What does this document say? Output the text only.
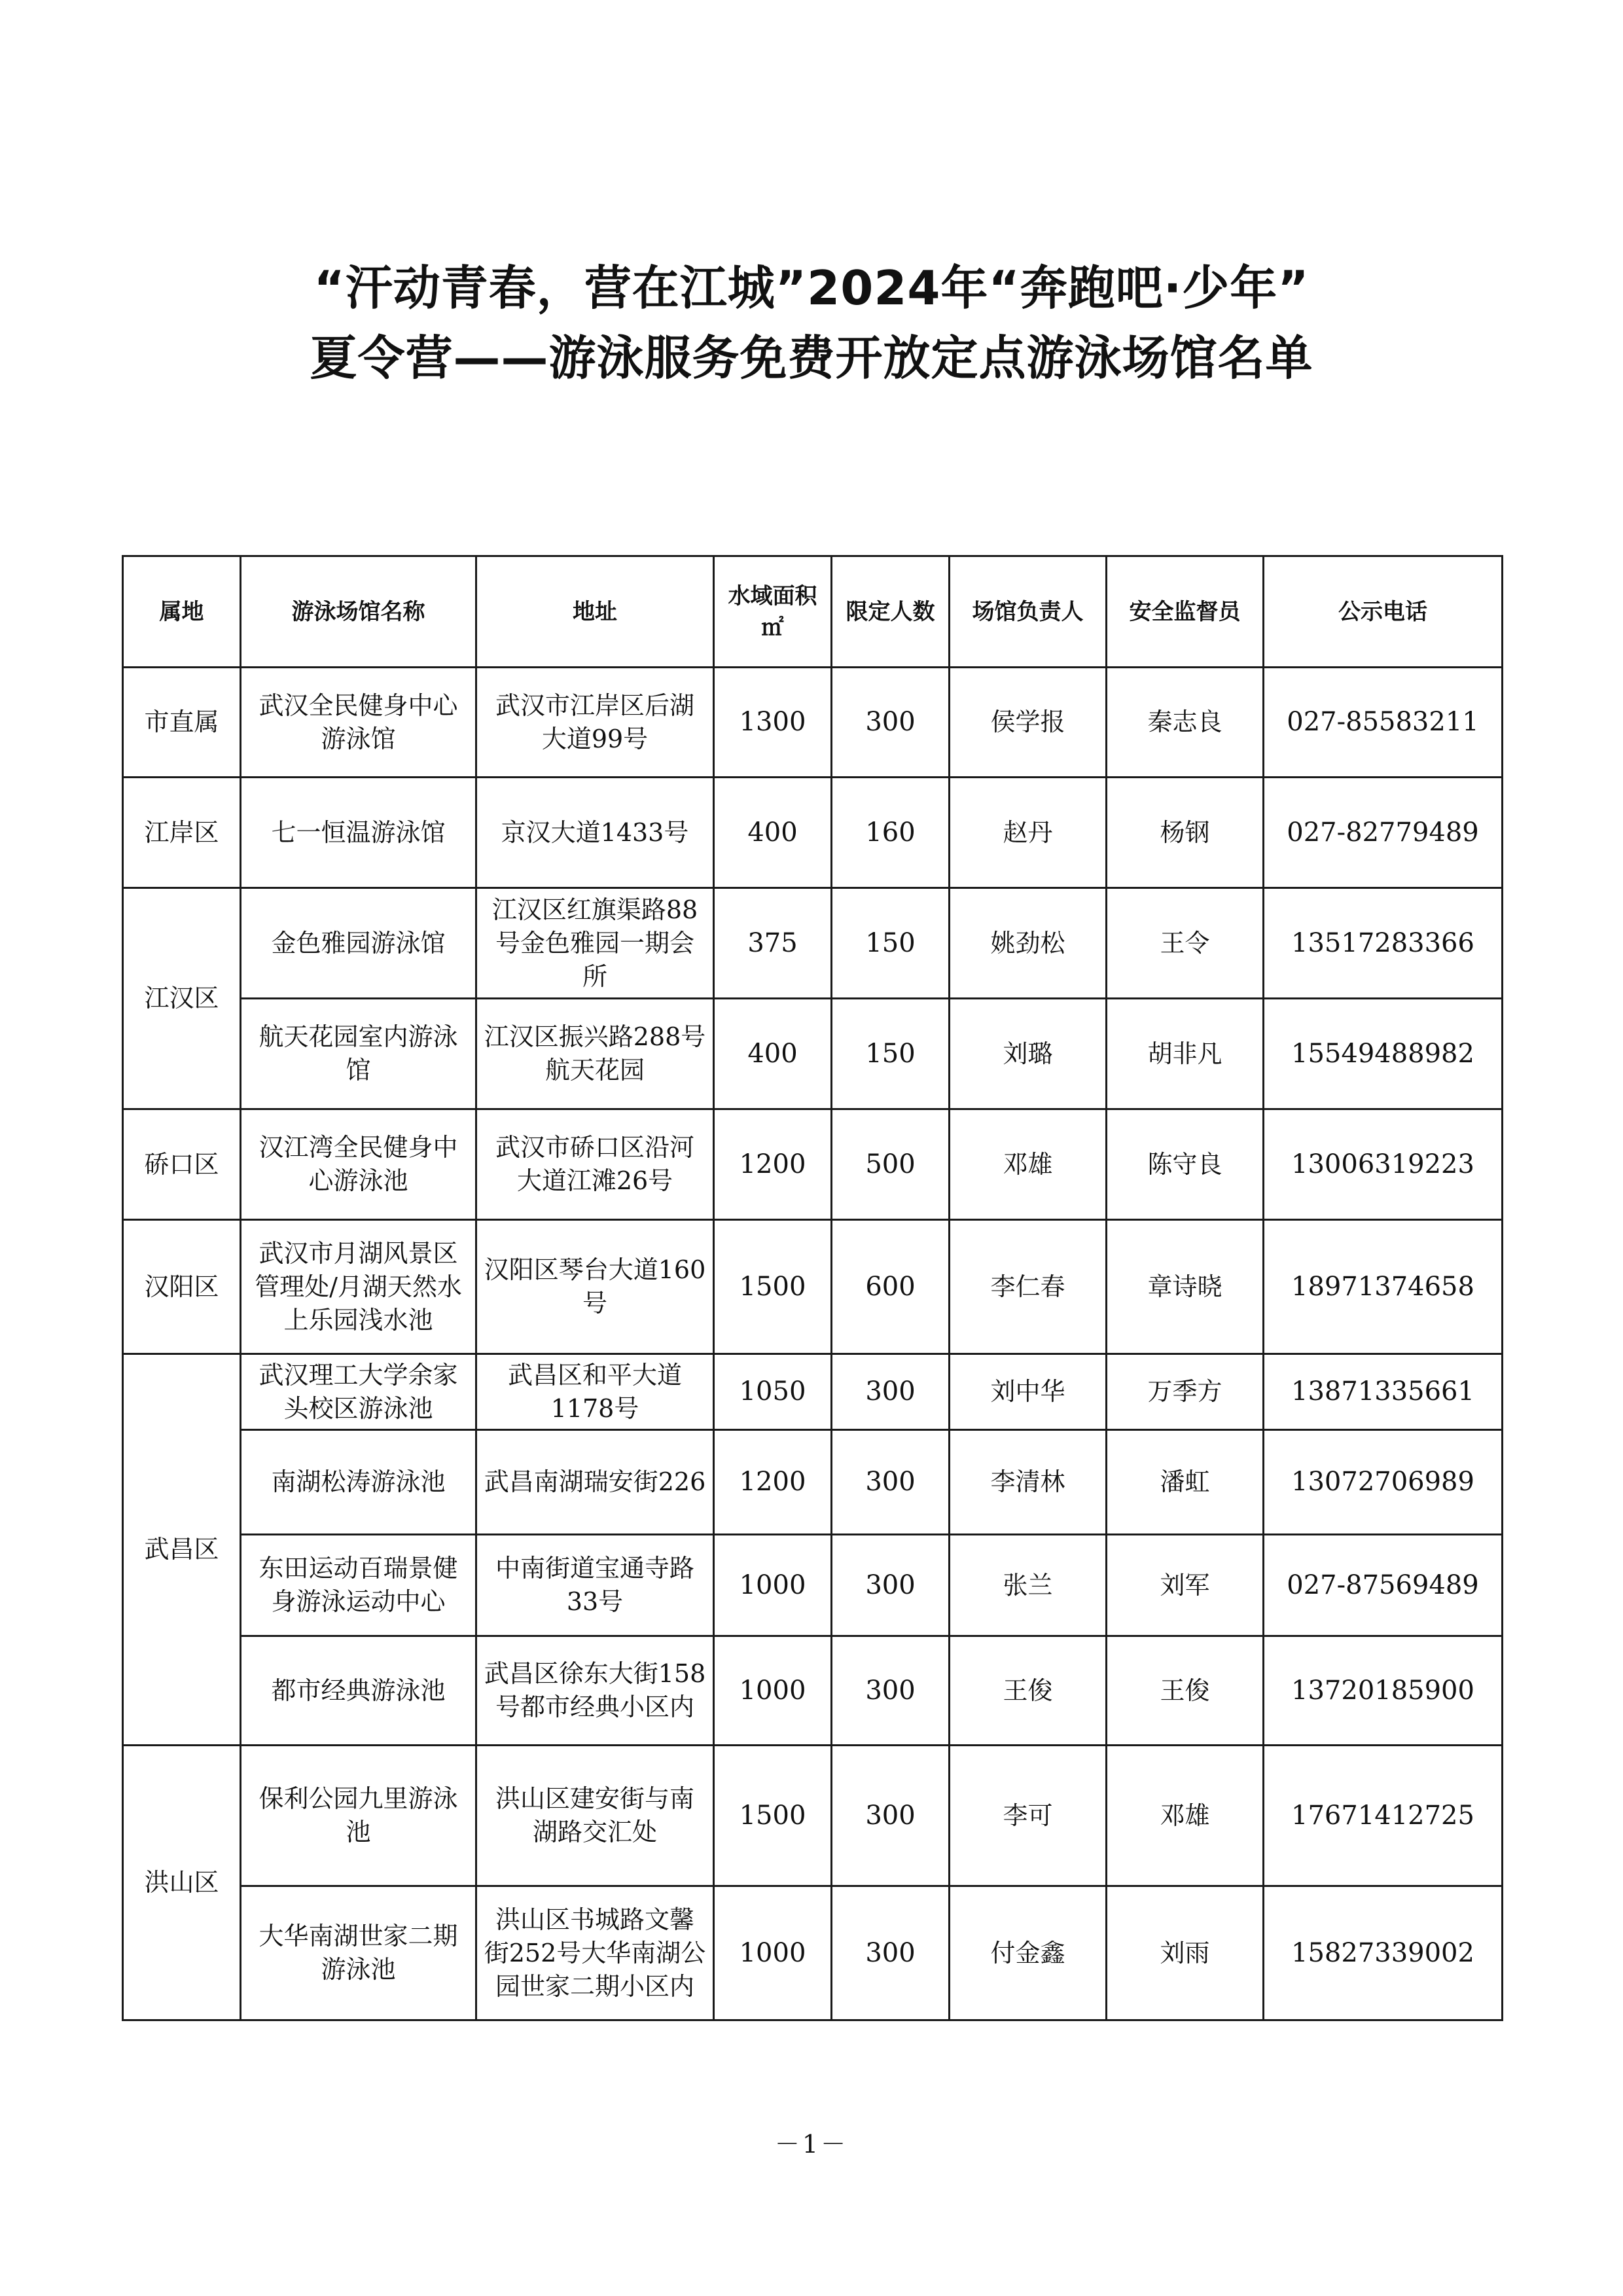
“汗动青春，营在江城”2024年“奔跑吧·少年”
夏令营——游泳服务免费开放定点游泳场馆名单
属地	游泳场馆名称	地址	水域面积㎡	限定人数	场馆负责人	安全监督员	公示电话
市直属	武汉全民健身中心游泳馆	武汉市江岸区后湖大道99号	1300	300	侯学报	秦志良	027-85583211
江岸区	七一恒温游泳馆	京汉大道1433号	400	160	赵丹	杨钢	027-82779489
江汉区	金色雅园游泳馆	江汉区红旗渠路88号金色雅园一期会所	375	150	姚劲松	王令	13517283366
	航天花园室内游泳馆	江汉区振兴路288号航天花园	400	150	刘璐	胡非凡	15549488982
硚口区	汉江湾全民健身中心游泳池	武汉市硚口区沿河大道江滩26号	1200	500	邓雄	陈守良	13006319223
汉阳区	武汉市月湖风景区管理处/月湖天然水上乐园浅水池	汉阳区琴台大道160号	1500	600	李仁春	章诗晓	18971374658
武昌区	武汉理工大学余家头校区游泳池	武昌区和平大道1178号	1050	300	刘中华	万季方	13871335661
	南湖松涛游泳池	武昌南湖瑞安街226	1200	300	李清林	潘虹	13072706989
	东田运动百瑞景健身游泳运动中心	中南街道宝通寺路33号	1000	300	张兰	刘军	027-87569489
	都市经典游泳池	武昌区徐东大街158号都市经典小区内	1000	300	王俊	王俊	13720185900
洪山区	保利公园九里游泳池	洪山区建安街与南湖路交汇处	1500	300	李可	邓雄	17671412725
	大华南湖世家二期游泳池	洪山区书城路文馨街252号大华南湖公园世家二期小区内	1000	300	付金鑫	刘雨	15827339002
－1－
